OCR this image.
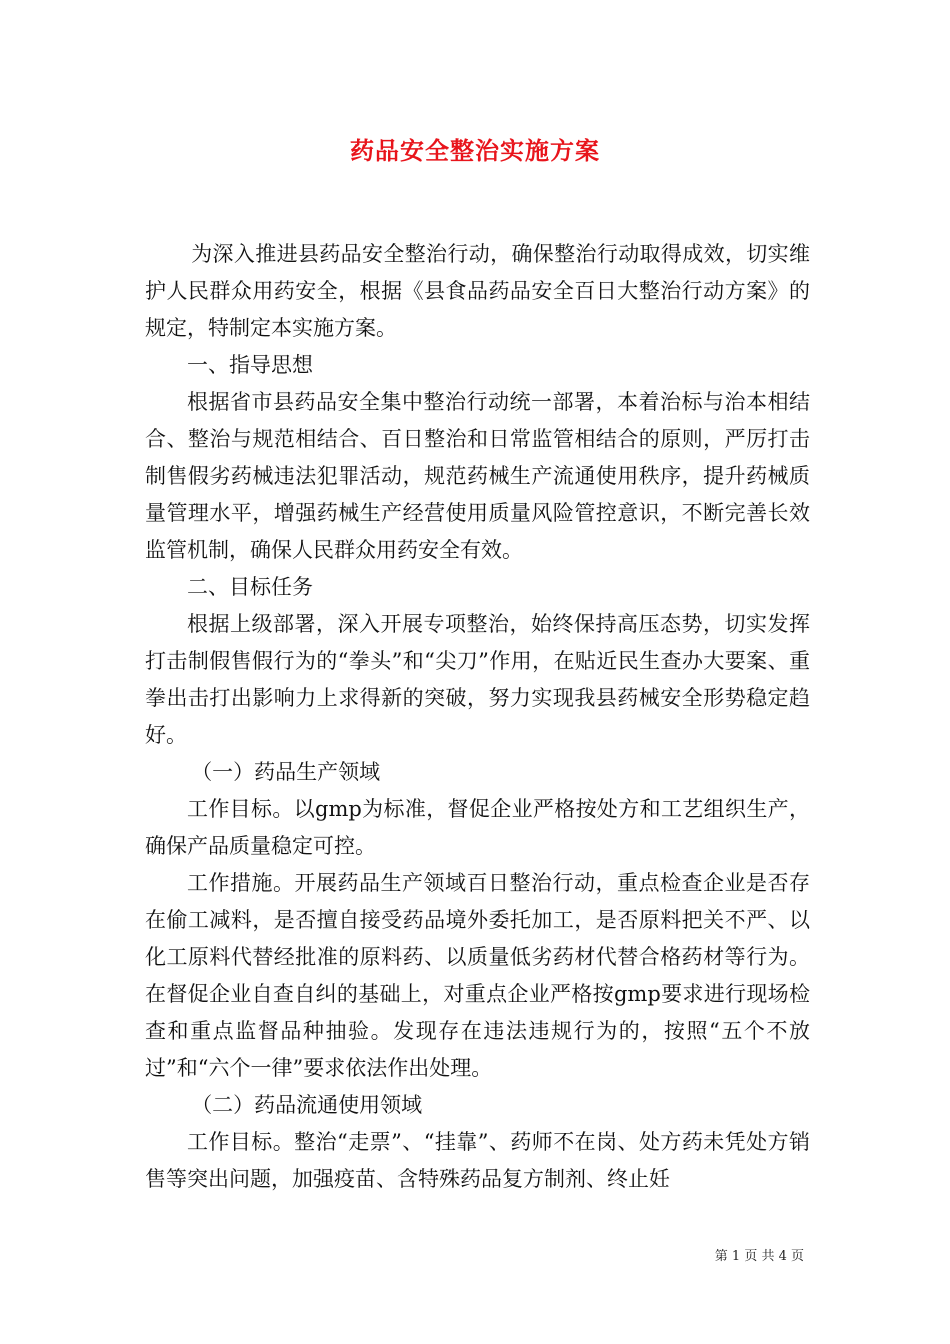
药品安全整治实施方案

为深入推进县药品安全整治行动，确保整治行动取得成效，切实维护人民群众用药安全，根据《县食品药品安全百日大整治行动方案》的规定，特制定本实施方案。

一、指导思想

根据省市县药品安全集中整治行动统一部署，本着治标与治本相结合、整治与规范相结合、百日整治和日常监管相结合的原则，严厉打击制售假劣药械违法犯罪活动，规范药械生产流通使用秩序，提升药械质量管理水平，增强药械生产经营使用质量风险管控意识，不断完善长效监管机制，确保人民群众用药安全有效。

二、目标任务

根据上级部署，深入开展专项整治，始终保持高压态势，切实发挥打击制假售假行为的“拳头”和“尖刀”作用，在贴近民生查办大要案、重拳出击打出影响力上求得新的突破，努力实现我县药械安全形势稳定趋好。

（一）药品生产领域

工作目标。以gmp为标准，督促企业严格按处方和工艺组织生产，确保产品质量稳定可控。

工作措施。开展药品生产领域百日整治行动，重点检查企业是否存在偷工减料，是否擅自接受药品境外委托加工，是否原料把关不严、以化工原料代替经批准的原料药、以质量低劣药材代替合格药材等行为。在督促企业自查自纠的基础上，对重点企业严格按gmp要求进行现场检查和重点监督品种抽验。发现存在违法违规行为的，按照“五个不放过”和“六个一律”要求依法作出处理。

（二）药品流通使用领域

工作目标。整治“走票”、“挂靠”、药师不在岗、处方药未凭处方销售等突出问题，加强疫苗、含特殊药品复方制剂、终止妊

第 1 页 共 4 页
